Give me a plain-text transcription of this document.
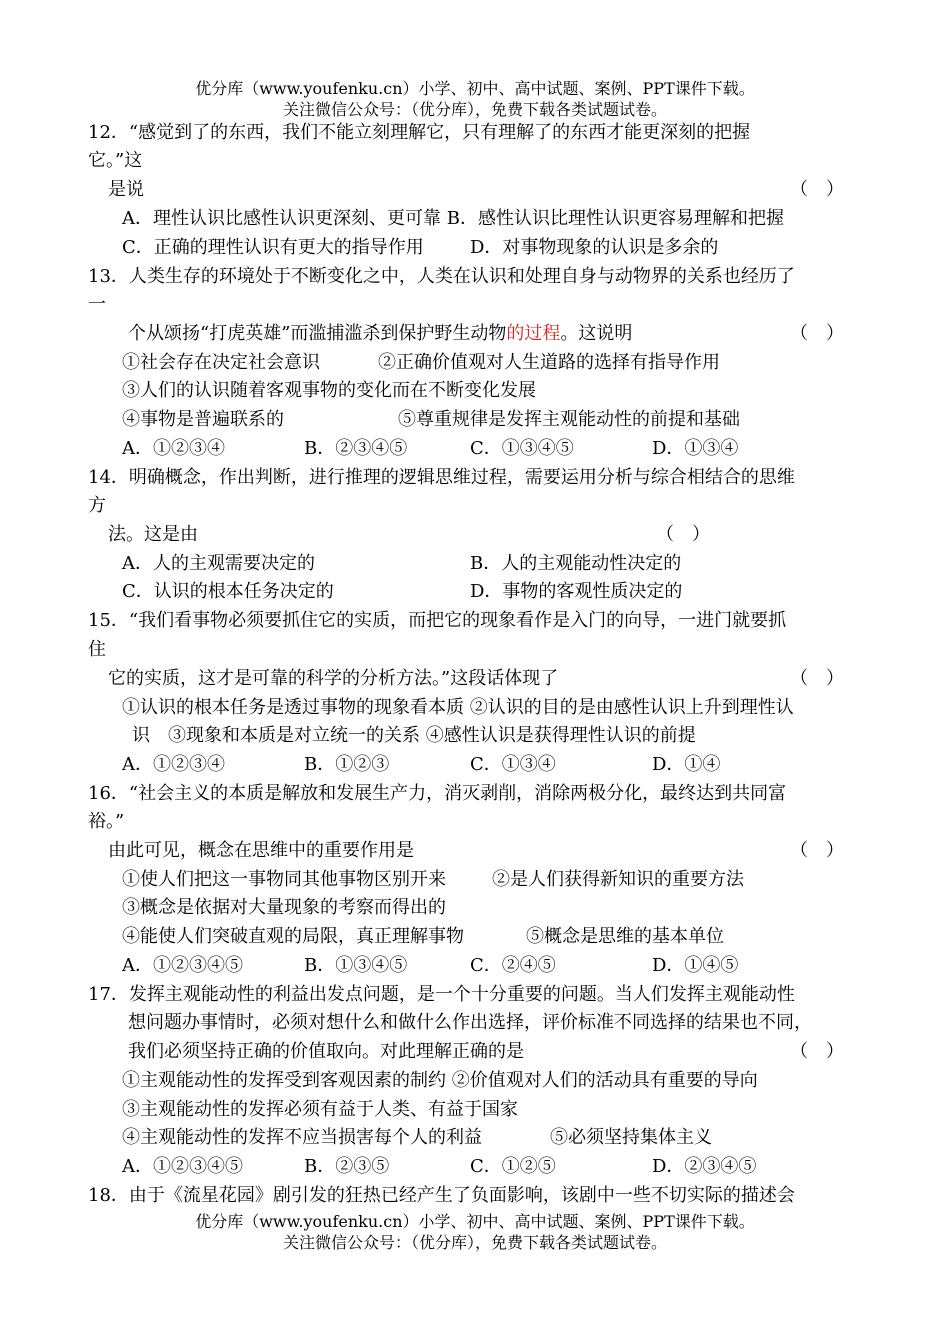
优分库（www.youfenku.cn）小学、初中、高中试题、案例、PPT课件下载。
关注微信公众号：（优分库），免费下载各类试题试卷。
12．“感觉到了的东西，我们不能立刻理解它，只有理解了的东西才能更深刻的把握
它。”这
是说	（　）
A．理性认识比感性认识更深刻、更可靠 B．感性认识比理性认识更容易理解和把握
C．正确的理性认识有更大的指导作用	D．对事物现象的认识是多余的
13．人类生存的环境处于不断变化之中，人类在认识和处理自身与动物界的关系也经历了
一
个从颂扬“打虎英雄”而滥捕滥杀到保护野生动物的过程。这说明	（　）
①社会存在决定社会意识	②正确价值观对人生道路的选择有指导作用
③人们的认识随着客观事物的变化而在不断变化发展
④事物是普遍联系的	⑤尊重规律是发挥主观能动性的前提和基础
A．①②③④	B．②③④⑤	C．①③④⑤	D．①③④
14．明确概念，作出判断，进行推理的逻辑思维过程，需要运用分析与综合相结合的思维
方
法。这是由	（　）
A．人的主观需要决定的	B．人的主观能动性决定的
C．认识的根本任务决定的	D．事物的客观性质决定的
15．“我们看事物必须要抓住它的实质，而把它的现象看作是入门的向导，一进门就要抓
住
它的实质，这才是可靠的科学的分析方法。”这段话体现了	（　）
①认识的根本任务是透过事物的现象看本质 ②认识的目的是由感性认识上升到理性认
识　③现象和本质是对立统一的关系 ④感性认识是获得理性认识的前提
A．①②③④	B．①②③	C．①③④	D．①④
16．“社会主义的本质是解放和发展生产力，消灭剥削，消除两极分化，最终达到共同富
裕。”
由此可见，概念在思维中的重要作用是	（　）
①使人们把这一事物同其他事物区别开来	②是人们获得新知识的重要方法
③概念是依据对大量现象的考察而得出的
④能使人们突破直观的局限，真正理解事物	⑤概念是思维的基本单位
A．①②③④⑤	B．①③④⑤	C．②④⑤	D．①④⑤
17．发挥主观能动性的利益出发点问题，是一个十分重要的问题。当人们发挥主观能动性
想问题办事情时，必须对想什么和做什么作出选择，评价标准不同选择的结果也不同，
我们必须坚持正确的价值取向。对此理解正确的是	（　）
①主观能动性的发挥受到客观因素的制约 ②价值观对人们的活动具有重要的导向
③主观能动性的发挥必须有益于人类、有益于国家
④主观能动性的发挥不应当损害每个人的利益	⑤必须坚持集体主义
A．①②③④⑤	B．②③⑤	C．①②⑤	D．②③④⑤
18．由于《流星花园》剧引发的狂热已经产生了负面影响，该剧中一些不切实际的描述会
优分库（www.youfenku.cn）小学、初中、高中试题、案例、PPT课件下载。
关注微信公众号：（优分库），免费下载各类试题试卷。
